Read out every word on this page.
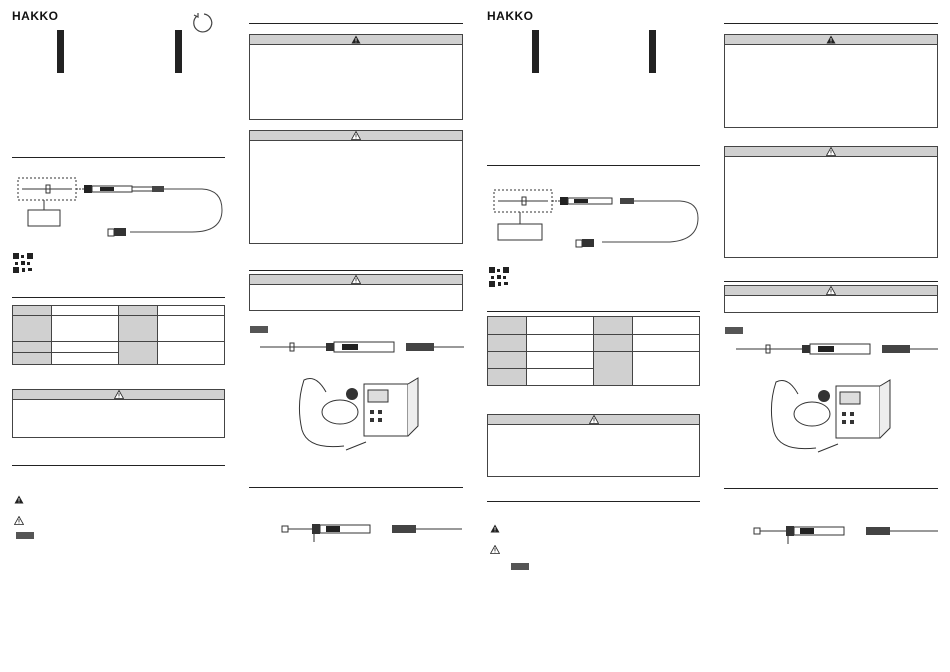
HAKKO

		HAKKO
